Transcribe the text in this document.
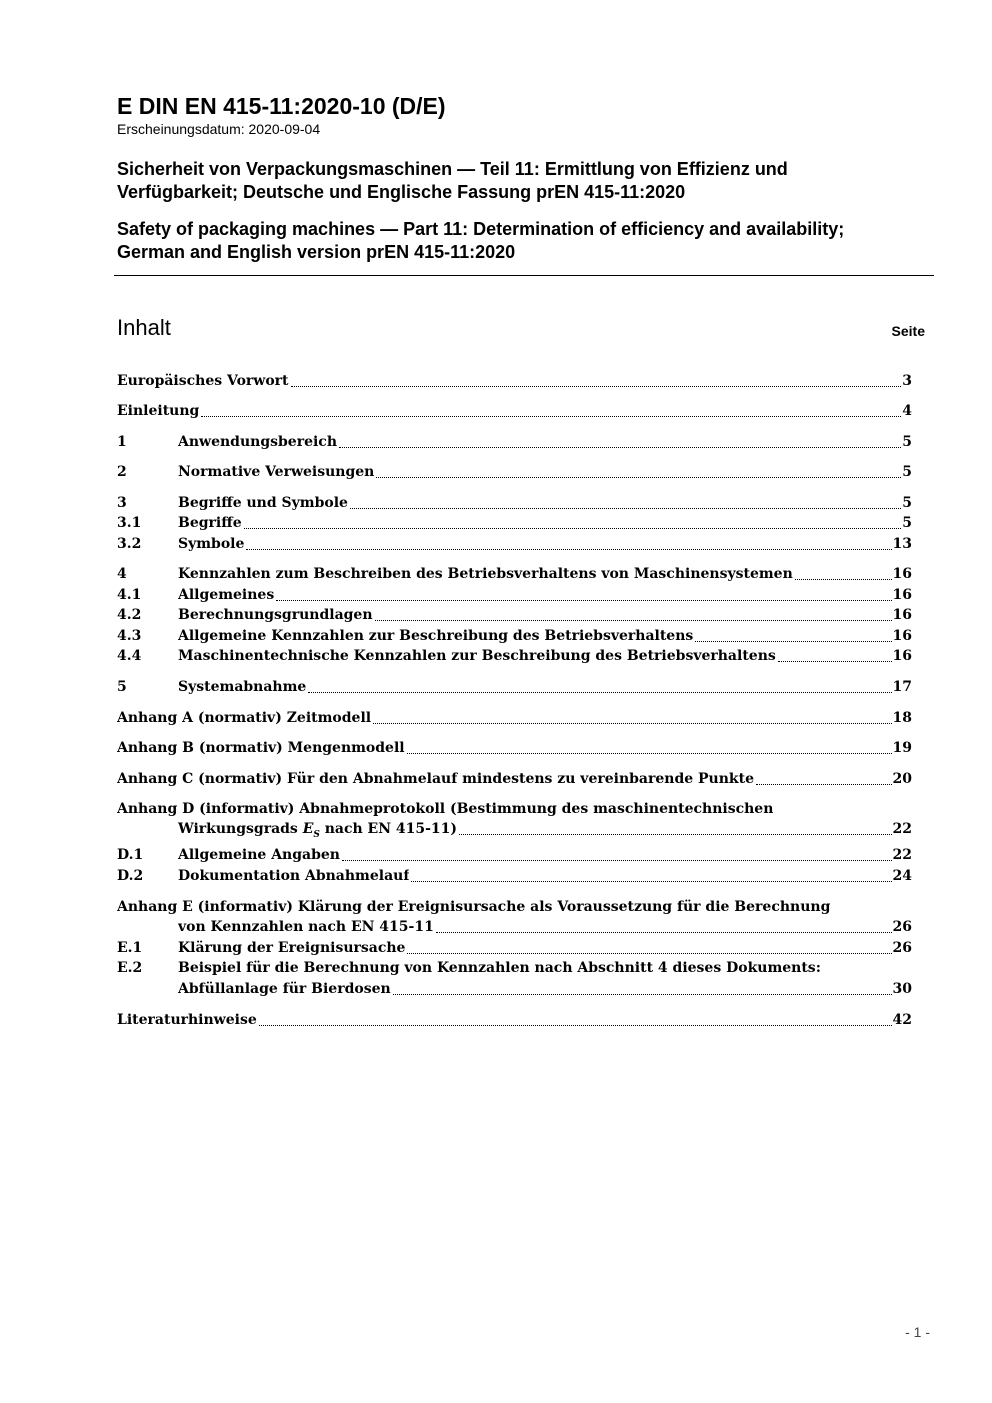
E DIN EN 415-11:2020-10 (D/E)

Erscheinungsdatum: 2020-09-04

Sicherheit von Verpackungsmaschinen — Teil 11: Ermittlung von Effizienz und
Verfügbarkeit; Deutsche und Englische Fassung prEN 415-11:2020
Safety of packaging machines — Part 11: Determination of efficiency and availability;
German and English version prEN 415-11:2020
Inhalt	Seite
Europäisches Vorwort	3
Einleitung	4
1	Anwendungsbereich	5
2	Normative Verweisungen	5
3	Begriffe und Symbole	5
3.1	Begriffe	5
3.2	Symbole	13
4	Kennzahlen zum Beschreiben des Betriebsverhaltens von Maschinensystemen	16
4.1	Allgemeines	16
4.2	Berechnungsgrundlagen	16
4.3	Allgemeine Kennzahlen zur Beschreibung des Betriebsverhaltens	16
4.4	Maschinentechnische Kennzahlen zur Beschreibung des Betriebsverhaltens	16
5	Systemabnahme	17
Anhang A (normativ) Zeitmodell	18
Anhang B (normativ) Mengenmodell	19
Anhang C (normativ) Für den Abnahmelauf mindestens zu vereinbarende Punkte	20
Anhang D (informativ) Abnahmeprotokoll (Bestimmung des maschinentechnischen
Wirkungsgrads $E_S$ nach EN 415-11)	22
D.1	Allgemeine Angaben	22
D.2	Dokumentation Abnahmelauf	24
Anhang E (informativ) Klärung der Ereignisursache als Voraussetzung für die Berechnung
von Kennzahlen nach EN 415-11	26
E.1	Klärung der Ereignisursache	26
E.2	Beispiel für die Berechnung von Kennzahlen nach Abschnitt 4 dieses Dokuments:
Abfüllanlage für Bierdosen	30
Literaturhinweise	42
- 1 -
